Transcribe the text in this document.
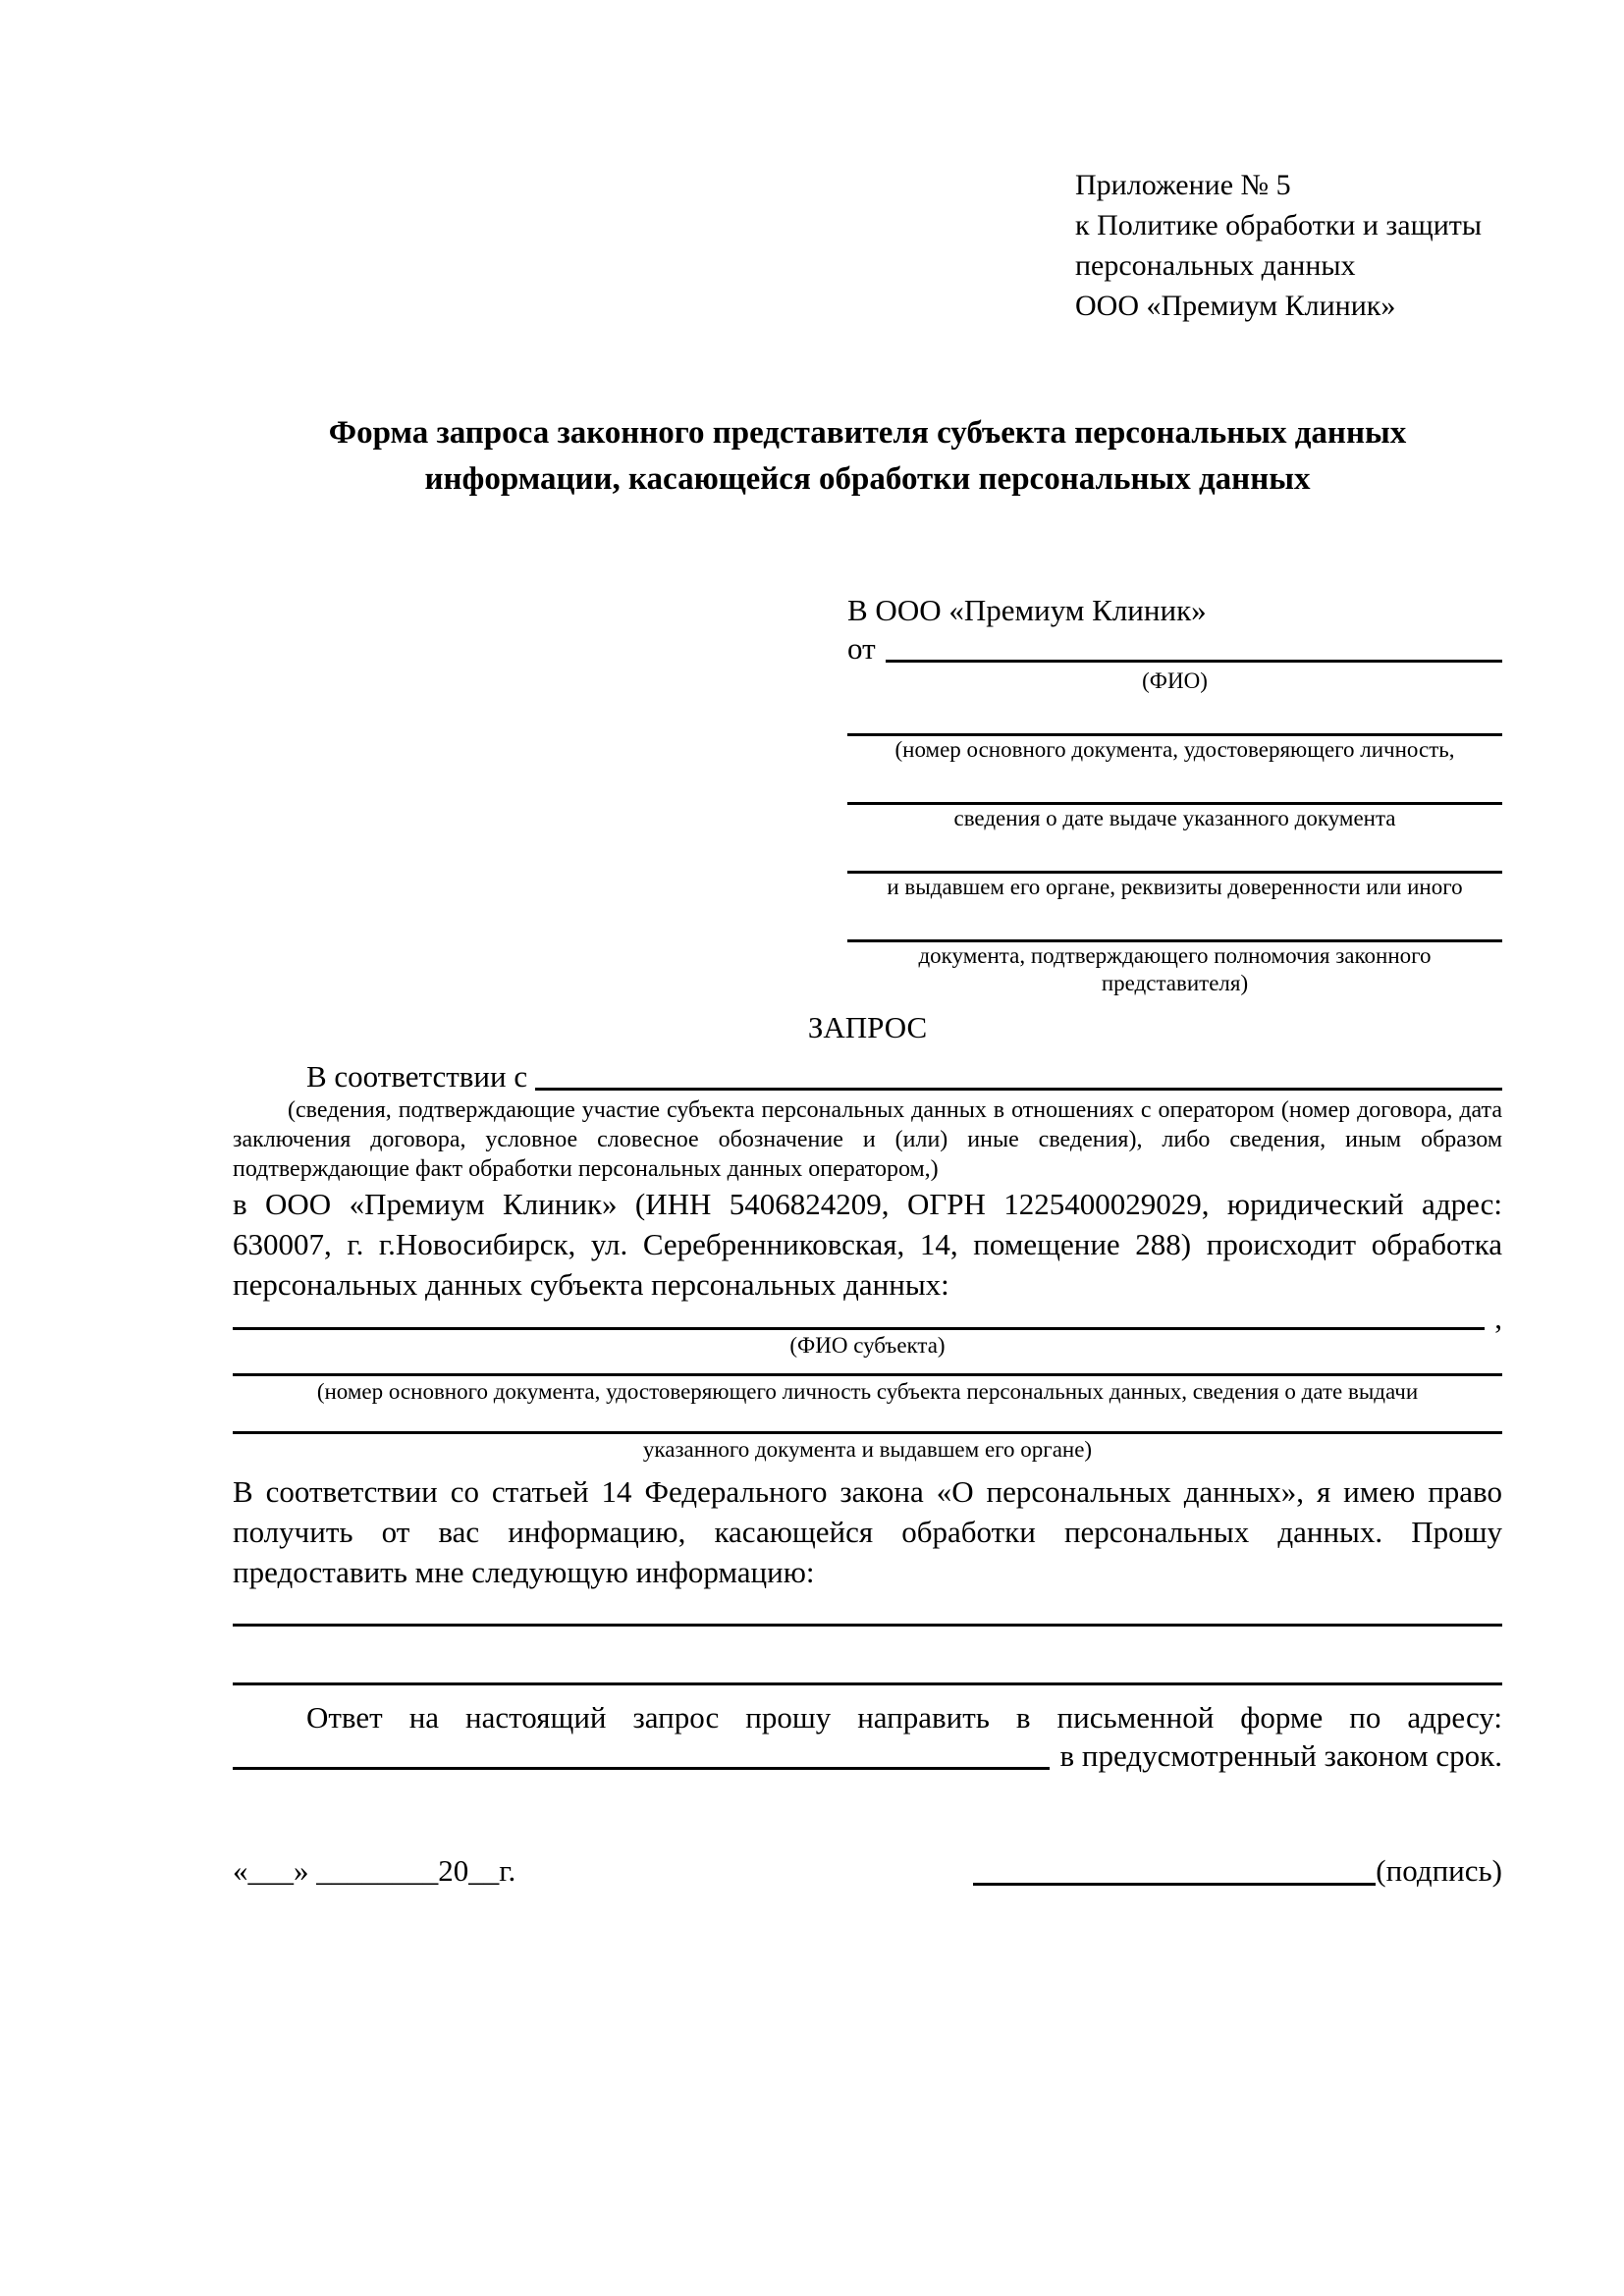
Приложение № 5
к Политике обработки и защиты
персональных данных
ООО «Премиум Клиник»
Форма запроса законного представителя субъекта персональных данных информации, касающейся обработки персональных данных
В ООО «Премиум Клиник»
от
(ФИО)
(номер основного документа, удостоверяющего личность,
сведения о дате выдаче указанного документа
и выдавшем его органе, реквизиты доверенности или иного
документа, подтверждающего полномочия законного представителя)
ЗАПРОС
В соответствии с
(сведения, подтверждающие участие субъекта персональных данных в отношениях с оператором (номер договора, дата заключения договора, условное словесное обозначение и (или) иные сведения), либо сведения, иным образом подтверждающие факт обработки персональных данных оператором,)
в ООО «Премиум Клиник» (ИНН 5406824209, ОГРН 1225400029029, юридический адрес: 630007, г. г.Новосибирск, ул. Серебренниковская, 14, помещение 288) происходит обработка персональных данных субъекта персональных данных:
,
(ФИО субъекта)
(номер основного документа, удостоверяющего личность субъекта персональных данных, сведения о дате выдачи
указанного документа и выдавшем его органе)
В соответствии со статьей 14 Федерального закона «О персональных данных», я имею право получить от вас информацию, касающейся обработки персональных данных. Прошу предоставить мне следующую информацию:
Ответ на настоящий запрос прошу направить в письменной форме по адресу:
в предусмотренный законом срок.
«___» ________20__г.	(подпись)
